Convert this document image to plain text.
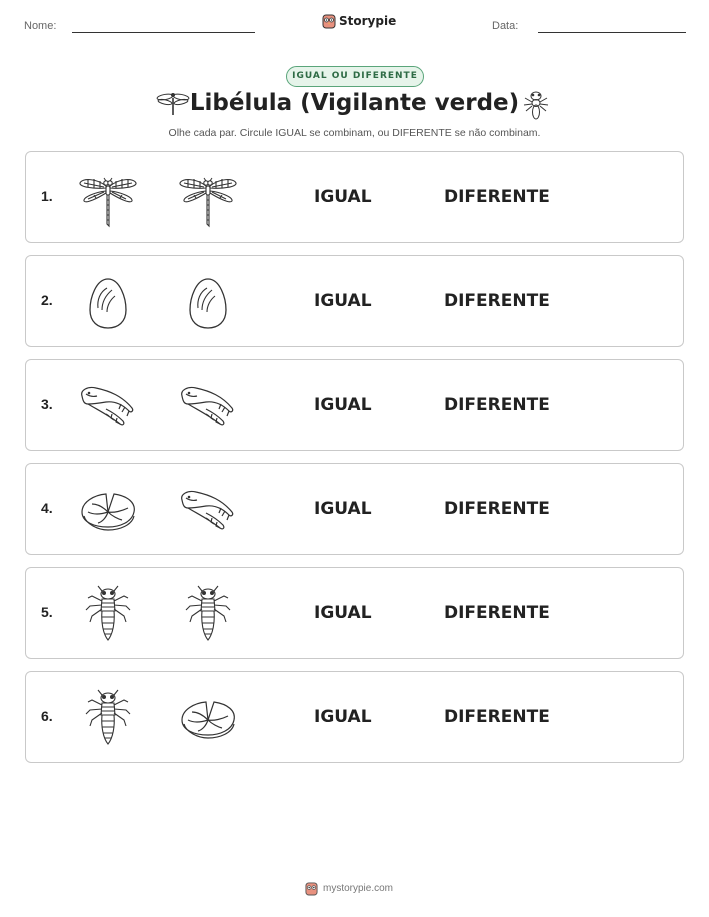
Nome:	Storypie	Data:
IGUAL OU DIFERENTE
Libélula (Vigilante verde)
Olhe cada par. Circule IGUAL se combinam, ou DIFERENTE se não combinam.
1.	IGUAL	DIFERENTE
2.	IGUAL	DIFERENTE
3.	IGUAL	DIFERENTE
4.	IGUAL	DIFERENTE
5.	IGUAL	DIFERENTE
6.	IGUAL	DIFERENTE
mystorypie.com
